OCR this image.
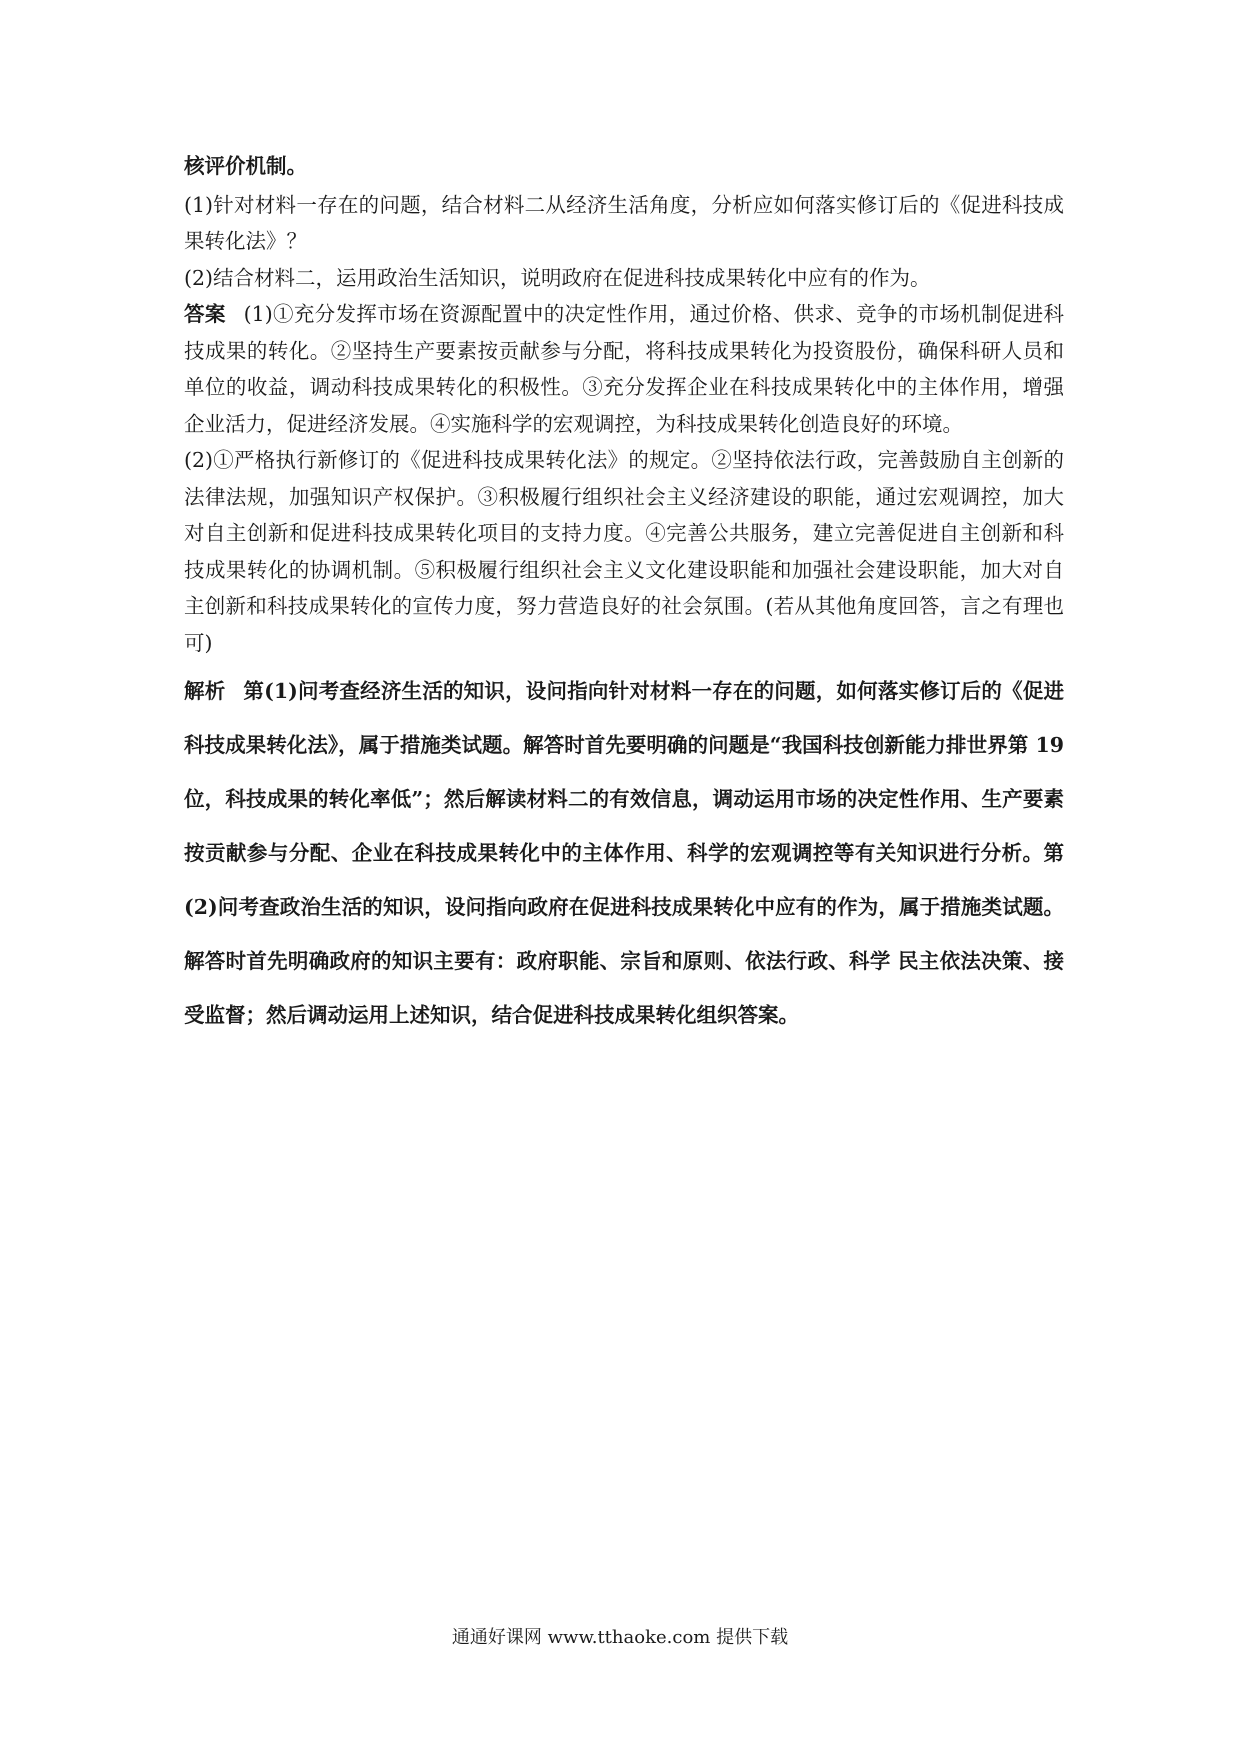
核评价机制。

(1)针对材料一存在的问题，结合材料二从经济生活角度，分析应如何落实修订后的《促进科技成果转化法》？

(2)结合材料二，运用政治生活知识，说明政府在促进科技成果转化中应有的作为。

答案 (1)①充分发挥市场在资源配置中的决定性作用，通过价格、供求、竞争的市场机制促进科技成果的转化。②坚持生产要素按贡献参与分配，将科技成果转化为投资股份，确保科研人员和单位的收益，调动科技成果转化的积极性。③充分发挥企业在科技成果转化中的主体作用，增强企业活力，促进经济发展。④实施科学的宏观调控，为科技成果转化创造良好的环境。

(2)①严格执行新修订的《促进科技成果转化法》的规定。②坚持依法行政，完善鼓励自主创新的法律法规，加强知识产权保护。③积极履行组织社会主义经济建设的职能，通过宏观调控，加大对自主创新和促进科技成果转化项目的支持力度。④完善公共服务，建立完善促进自主创新和科技成果转化的协调机制。⑤积极履行组织社会主义文化建设职能和加强社会建设职能，加大对自主创新和科技成果转化的宣传力度，努力营造良好的社会氛围。(若从其他角度回答，言之有理也可)

解析 第(1)问考查经济生活的知识，设问指向针对材料一存在的问题，如何落实修订后的《促进科技成果转化法》，属于措施类试题。解答时首先要明确的问题是“我国科技创新能力排世界第 19 位，科技成果的转化率低”；然后解读材料二的有效信息，调动运用市场的决定性作用、生产要素按贡献参与分配、企业在科技成果转化中的主体作用、科学的宏观调控等有关知识进行分析。第(2)问考查政治生活的知识，设问指向政府在促进科技成果转化中应有的作为，属于措施类试题。解答时首先明确政府的知识主要有：政府职能、宗旨和原则、依法行政、科学 民主依法决策、接受监督；然后调动运用上述知识，结合促进科技成果转化组织答案。

通通好课网 www.tthaoke.com 提供下载
